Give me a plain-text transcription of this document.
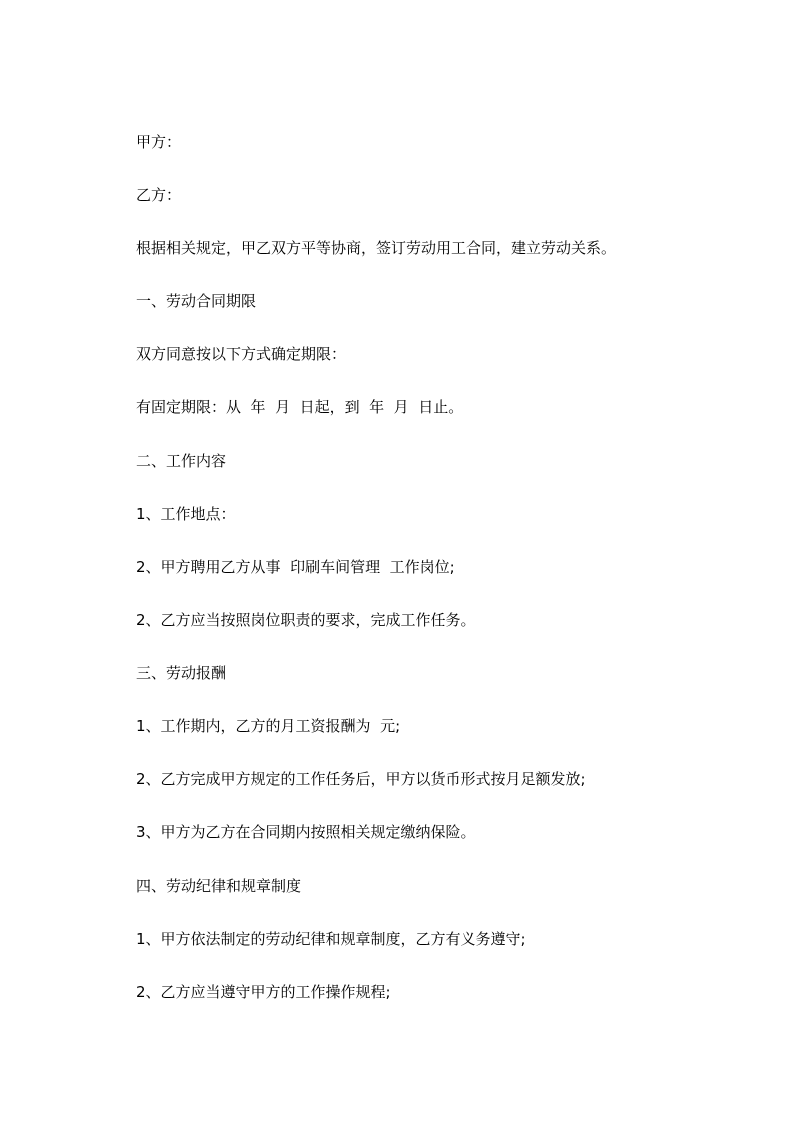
甲方：

乙方：

根据相关规定，甲乙双方平等协商，签订劳动用工合同，建立劳动关系。

一、劳动合同期限

双方同意按以下方式确定期限：

有固定期限：从  年  月  日起，到  年  月  日止。

二、工作内容

1、工作地点：

2、甲方聘用乙方从事  印刷车间管理  工作岗位;

2、乙方应当按照岗位职责的要求，完成工作任务。

三、劳动报酬

1、工作期内，乙方的月工资报酬为  元;

2、乙方完成甲方规定的工作任务后，甲方以货币形式按月足额发放;

3、甲方为乙方在合同期内按照相关规定缴纳保险。

四、劳动纪律和规章制度

1、甲方依法制定的劳动纪律和规章制度，乙方有义务遵守;

2、乙方应当遵守甲方的工作操作规程;
